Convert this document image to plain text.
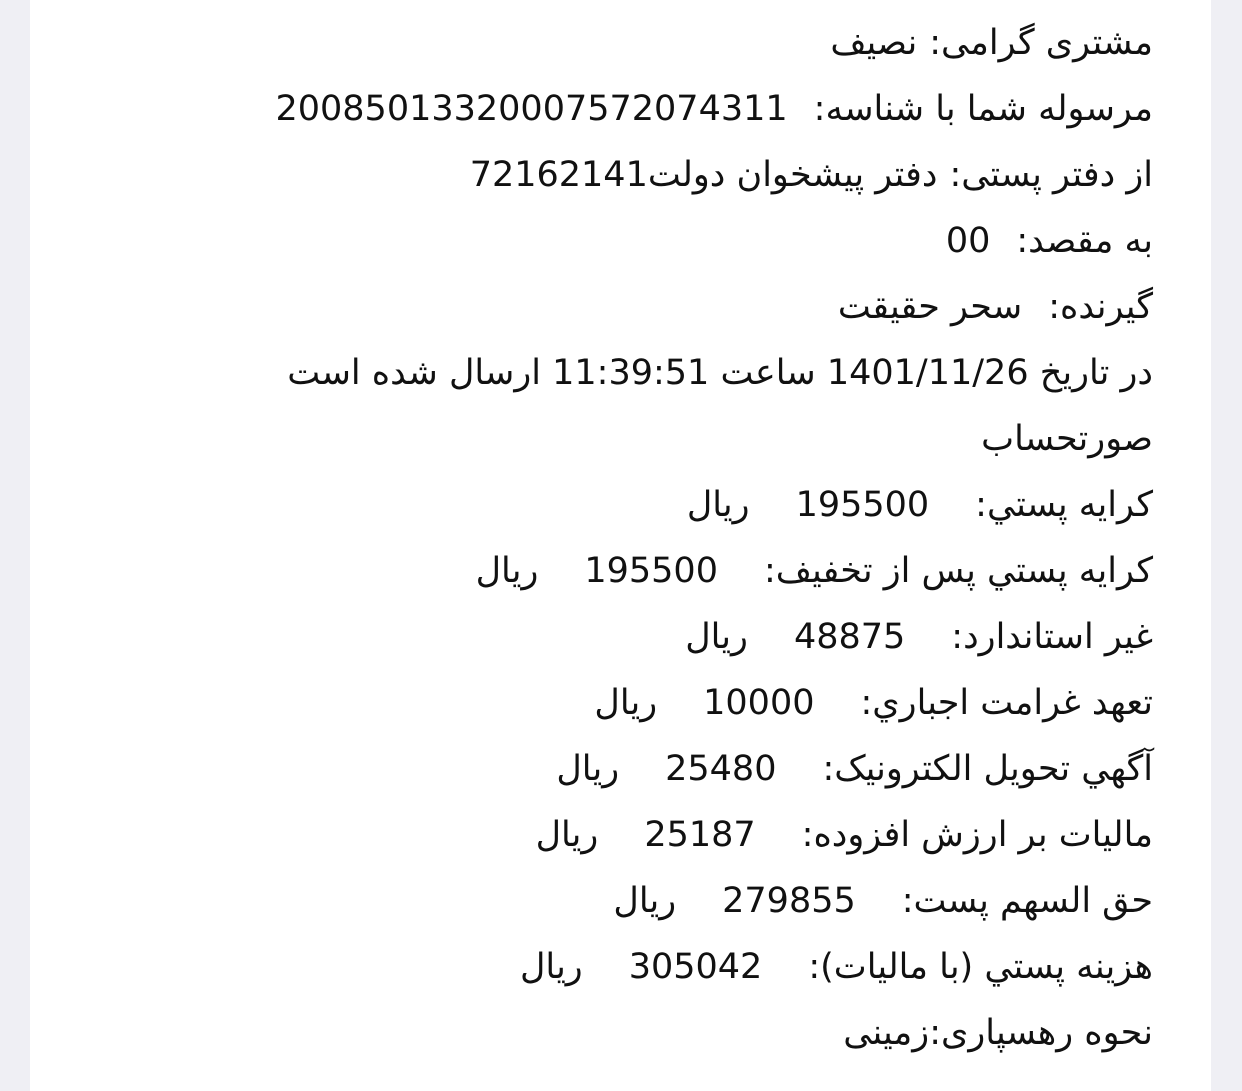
مشتری گرامی:نصیف
مرسوله شما با شناسه:20085013320007572074311
از دفتر پستی:دفتر پیشخوان دولت72162141
به مقصد:00
گیرنده:سحر حقیقت
در تاریخ 1401/11/26 ساعت 11:39:51 ارسال شده است
صورتحساب
كرايه پستي:195500ريال
كرايه پستي پس از تخفيف:195500ريال
غير استاندارد:48875ريال
تعهد غرامت اجباري:10000ريال
آگهي تحويل الكترونيک:25480ريال
ماليات بر ارزش افزوده:25187ريال
حق السهم پست:279855ريال
هزينه پستي (با ماليات):305042ريال
نحوه رهسپاری:زمینی
